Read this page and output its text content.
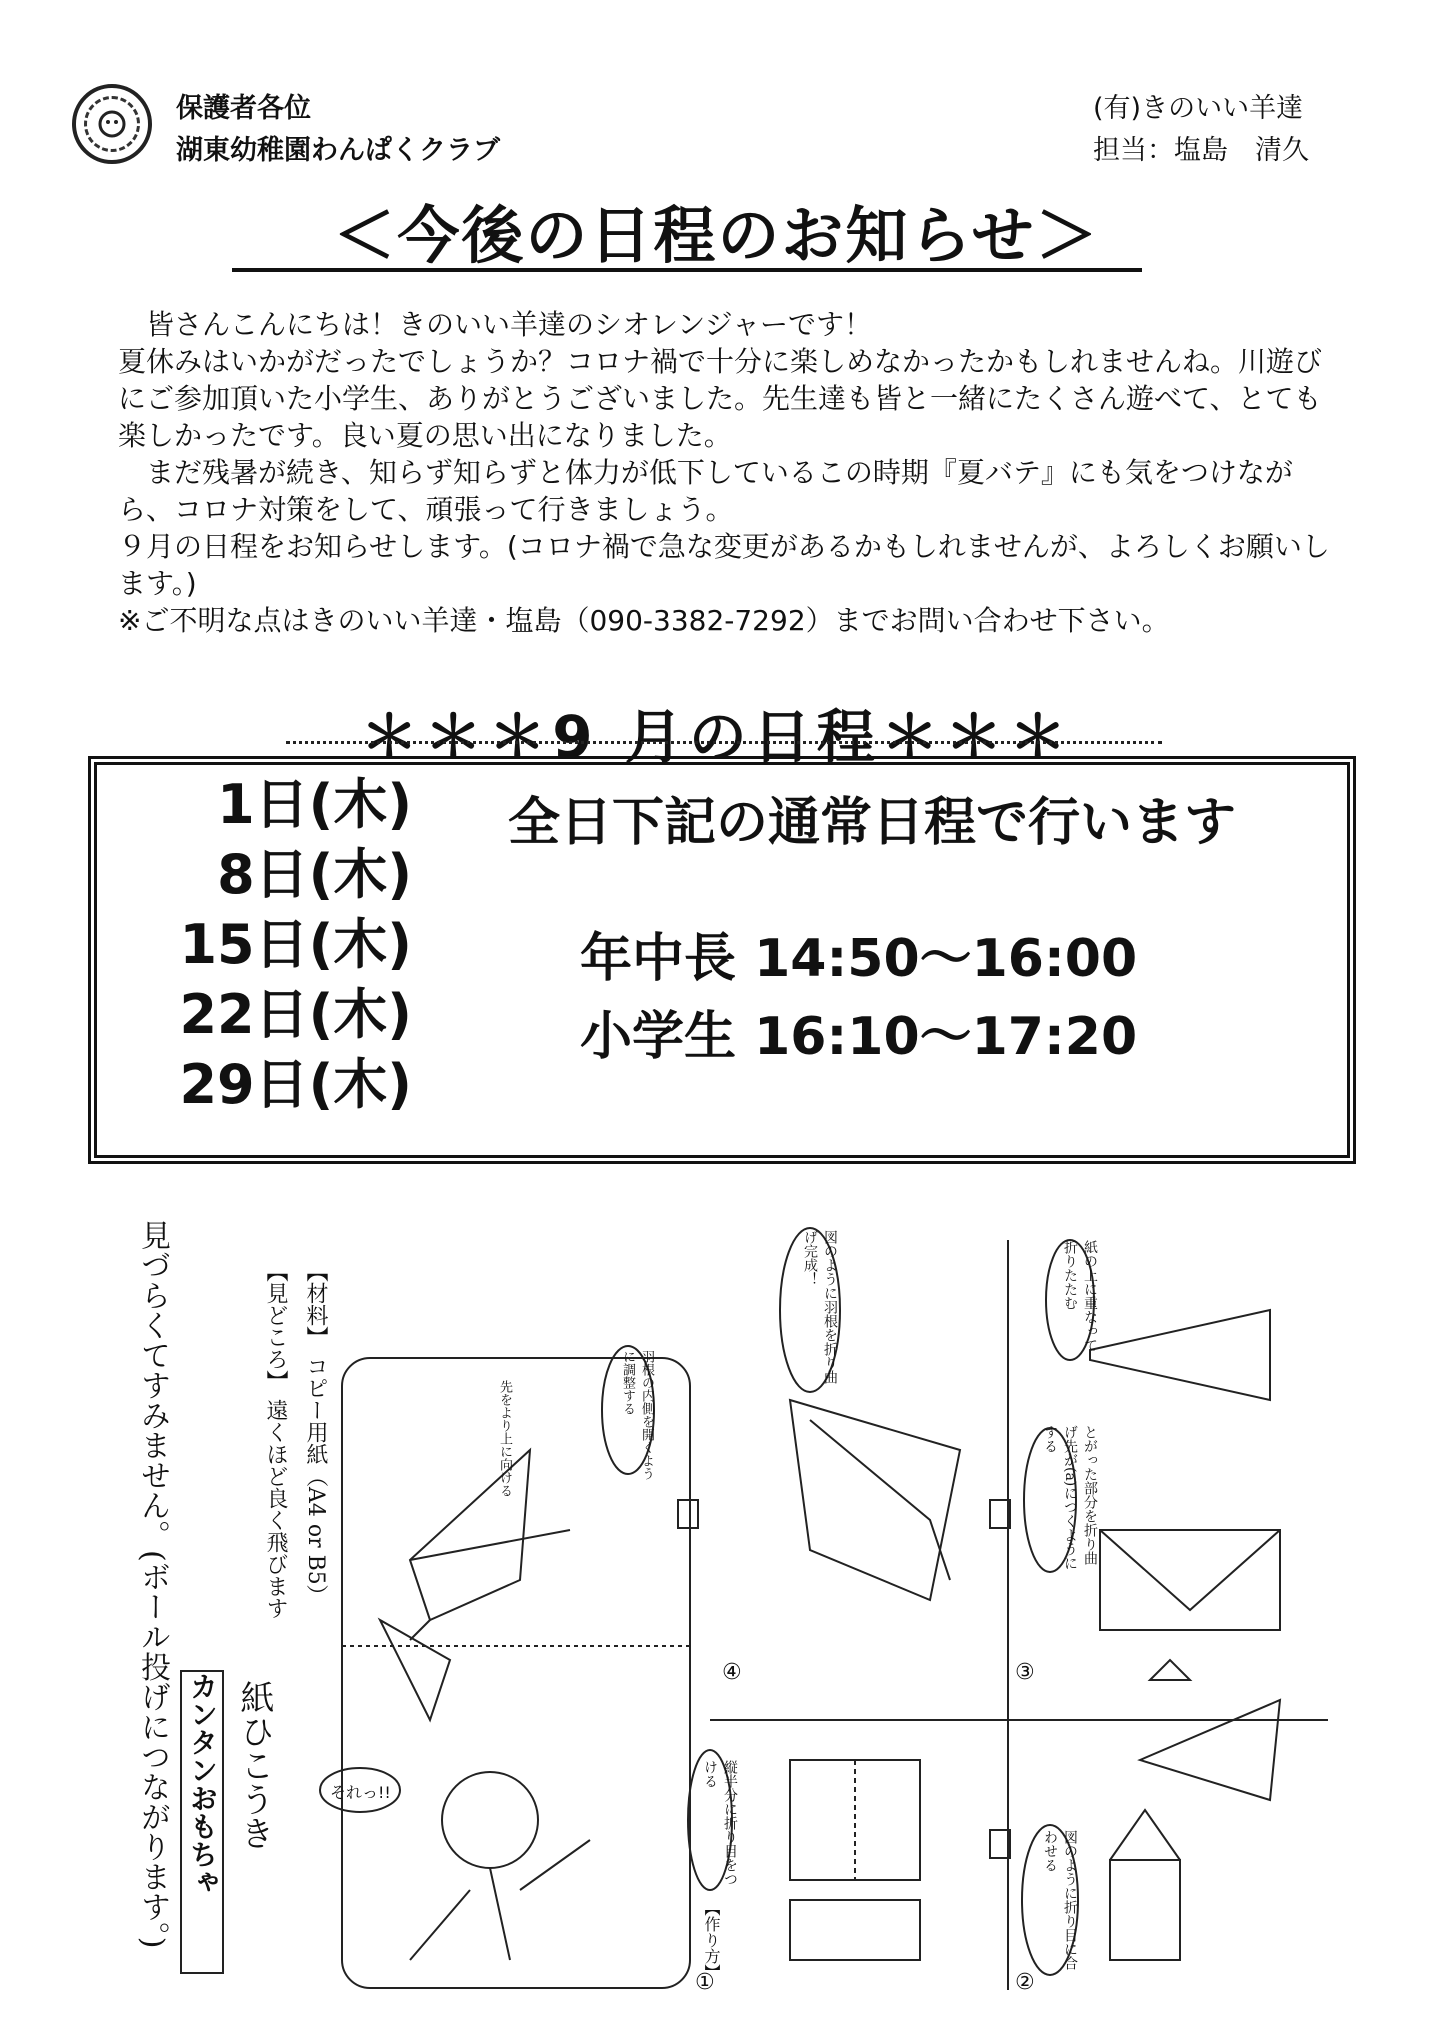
保護者各位
湖東幼稚園わんぱくクラブ
(有)きのいい羊達
担当：塩島　清久
＜今後の日程のお知らせ＞

　皆さんこんにちは！きのいい羊達のシオレンジャーです！

夏休みはいかがだったでしょうか？コロナ禍で十分に楽しめなかったかもしれませんね。川遊びにご参加頂いた小学生、ありがとうございました。先生達も皆と一緒にたくさん遊べて、とても楽しかったです。良い夏の思い出になりました。

　まだ残暑が続き、知らず知らずと体力が低下しているこの時期『夏バテ』にも気をつけながら、コロナ対策をして、頑張って行きましょう。

９月の日程をお知らせします。(コロナ禍で急な変更があるかもしれませんが、よろしくお願いします。)

※ご不明な点はきのいい羊達・塩島（090-3382-7292）までお問い合わせ下さい。

＊＊＊9 月の日程＊＊＊
1日(木)
8日(木)
15日(木)
22日(木)
29日(木)
全日下記の通常日程で行います
年中長 14:50〜16:00
小学生 16:10〜17:20
見づらくてすみません。(ボール投げにつながります。) カンタンおもちゃ 紙ひこうき
【見どころ】 遠くほど良く飛びます 【材料】 コピー用紙（A4 or B5）
【作り方】
縦半分に折り目をつける
図のように折り目に合わせる
とがった部分を折り曲げ先が(a)につくようにする
紙の上に重なって折りたたむ
図のように羽根を折り曲げ完成！
羽根の内側を開くように調整する
先をより上に向ける
それっ!!
①	②
③
④
